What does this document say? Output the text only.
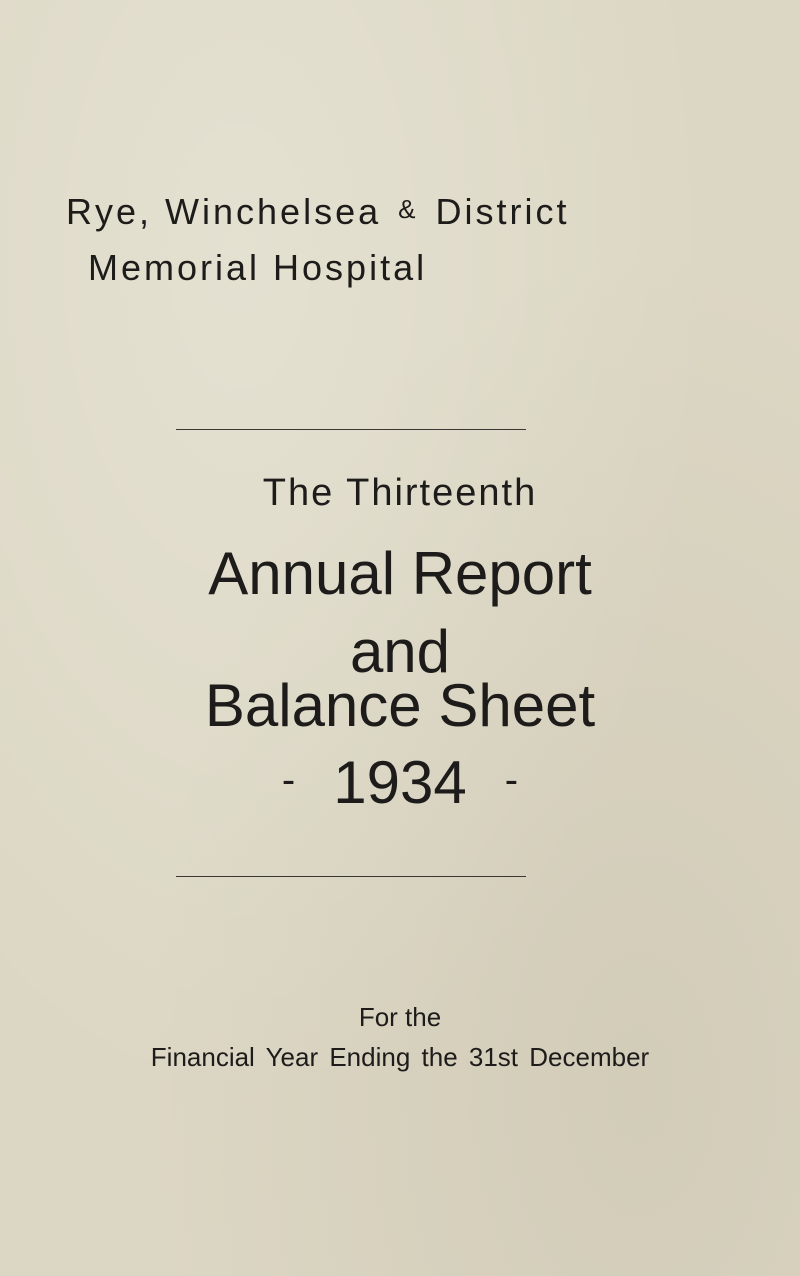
Rye, Winchelsea & District
Memorial Hospital
The Thirteenth
Annual Report
and
Balance Sheet
- 1934 -
For the
Financial Year Ending the 31st December
